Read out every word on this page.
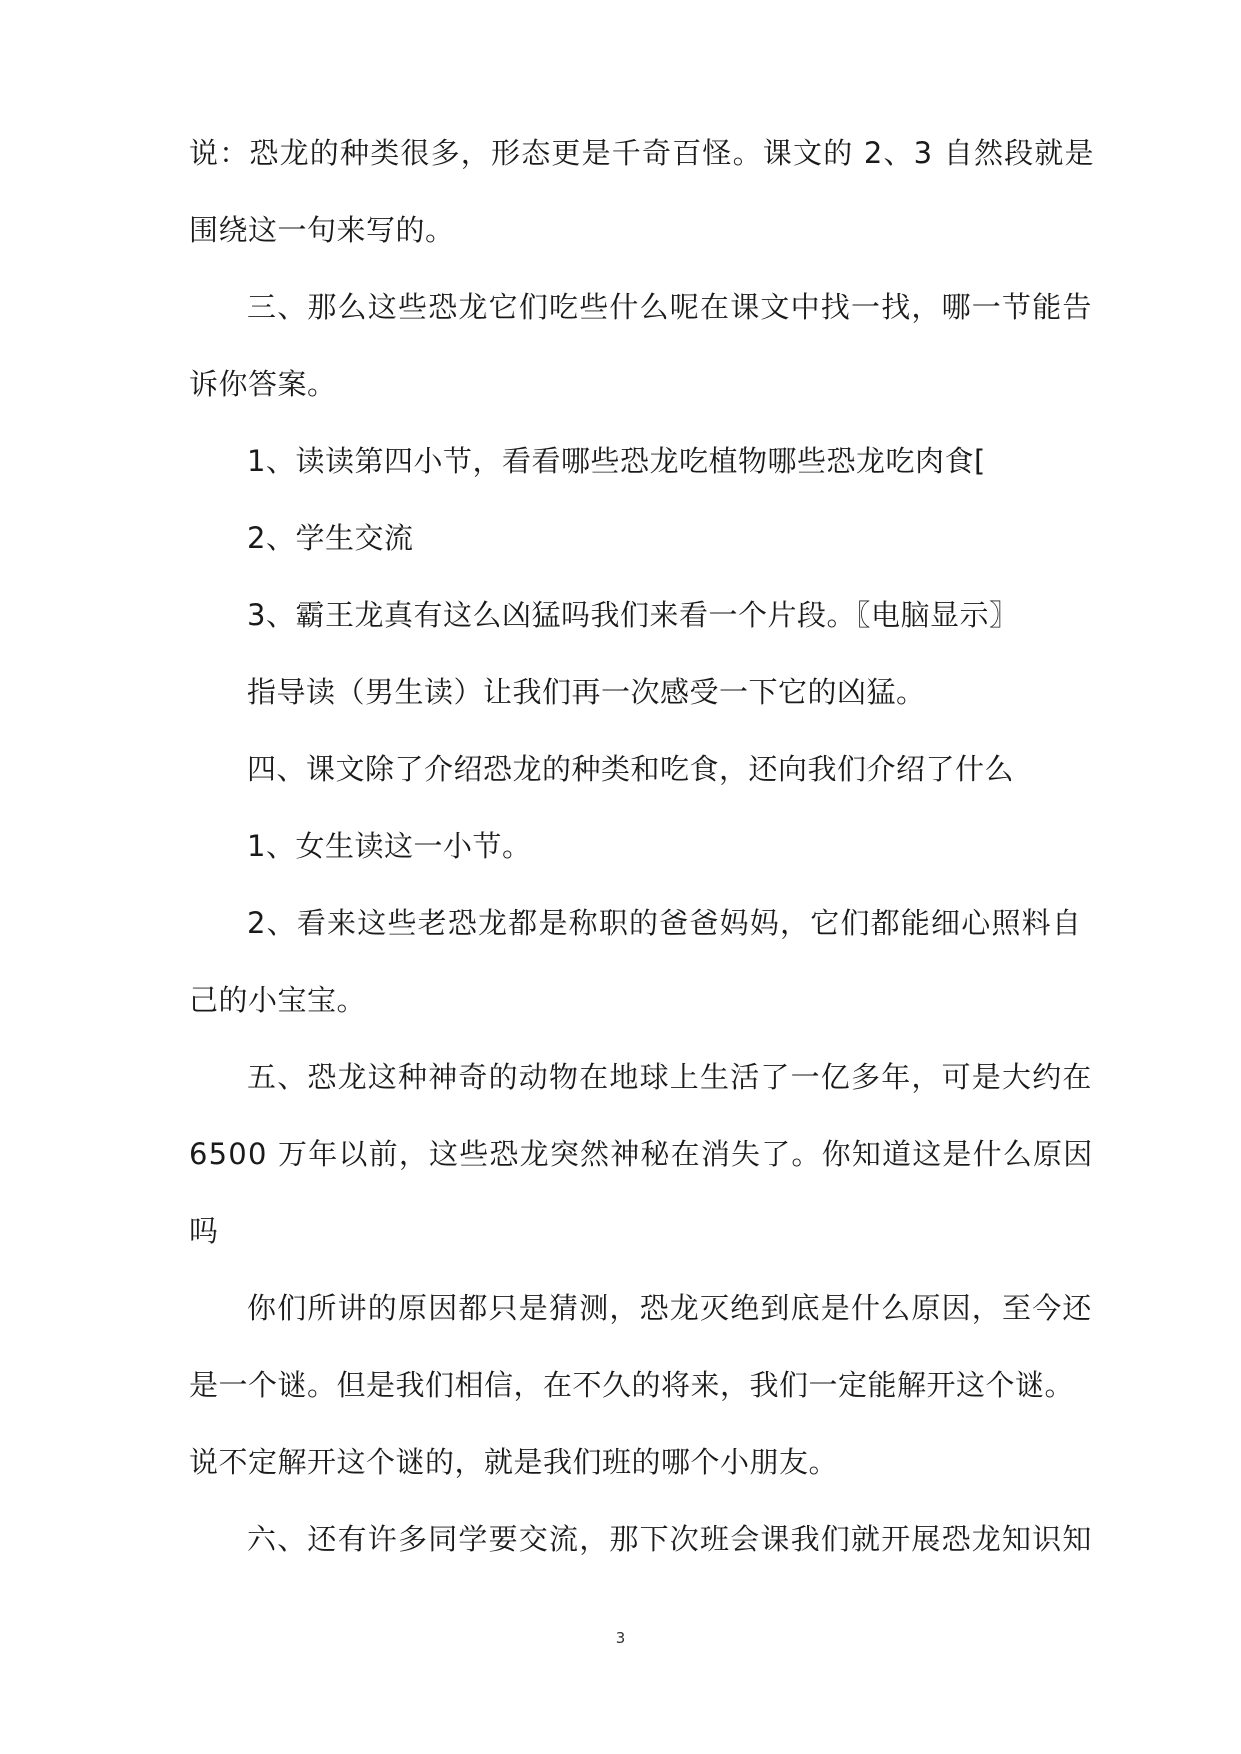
说：恐龙的种类很多，形态更是千奇百怪。课文的 2、3 自然段就是
围绕这一句来写的。
三、那么这些恐龙它们吃些什么呢在课文中找一找，哪一节能告
诉你答案。
1、读读第四小节，看看哪些恐龙吃植物哪些恐龙吃肉食[
2、学生交流
3、霸王龙真有这么凶猛吗我们来看一个片段。〖电脑显示〗
指导读（男生读）让我们再一次感受一下它的凶猛。
四、课文除了介绍恐龙的种类和吃食，还向我们介绍了什么
1、女生读这一小节。
2、看来这些老恐龙都是称职的爸爸妈妈，它们都能细心照料自
己的小宝宝。
五、恐龙这种神奇的动物在地球上生活了一亿多年，可是大约在
6500 万年以前，这些恐龙突然神秘在消失了。你知道这是什么原因
吗
你们所讲的原因都只是猜测，恐龙灭绝到底是什么原因，至今还
是一个谜。但是我们相信，在不久的将来，我们一定能解开这个谜。
说不定解开这个谜的，就是我们班的哪个小朋友。
六、还有许多同学要交流，那下次班会课我们就开展恐龙知识知
3
